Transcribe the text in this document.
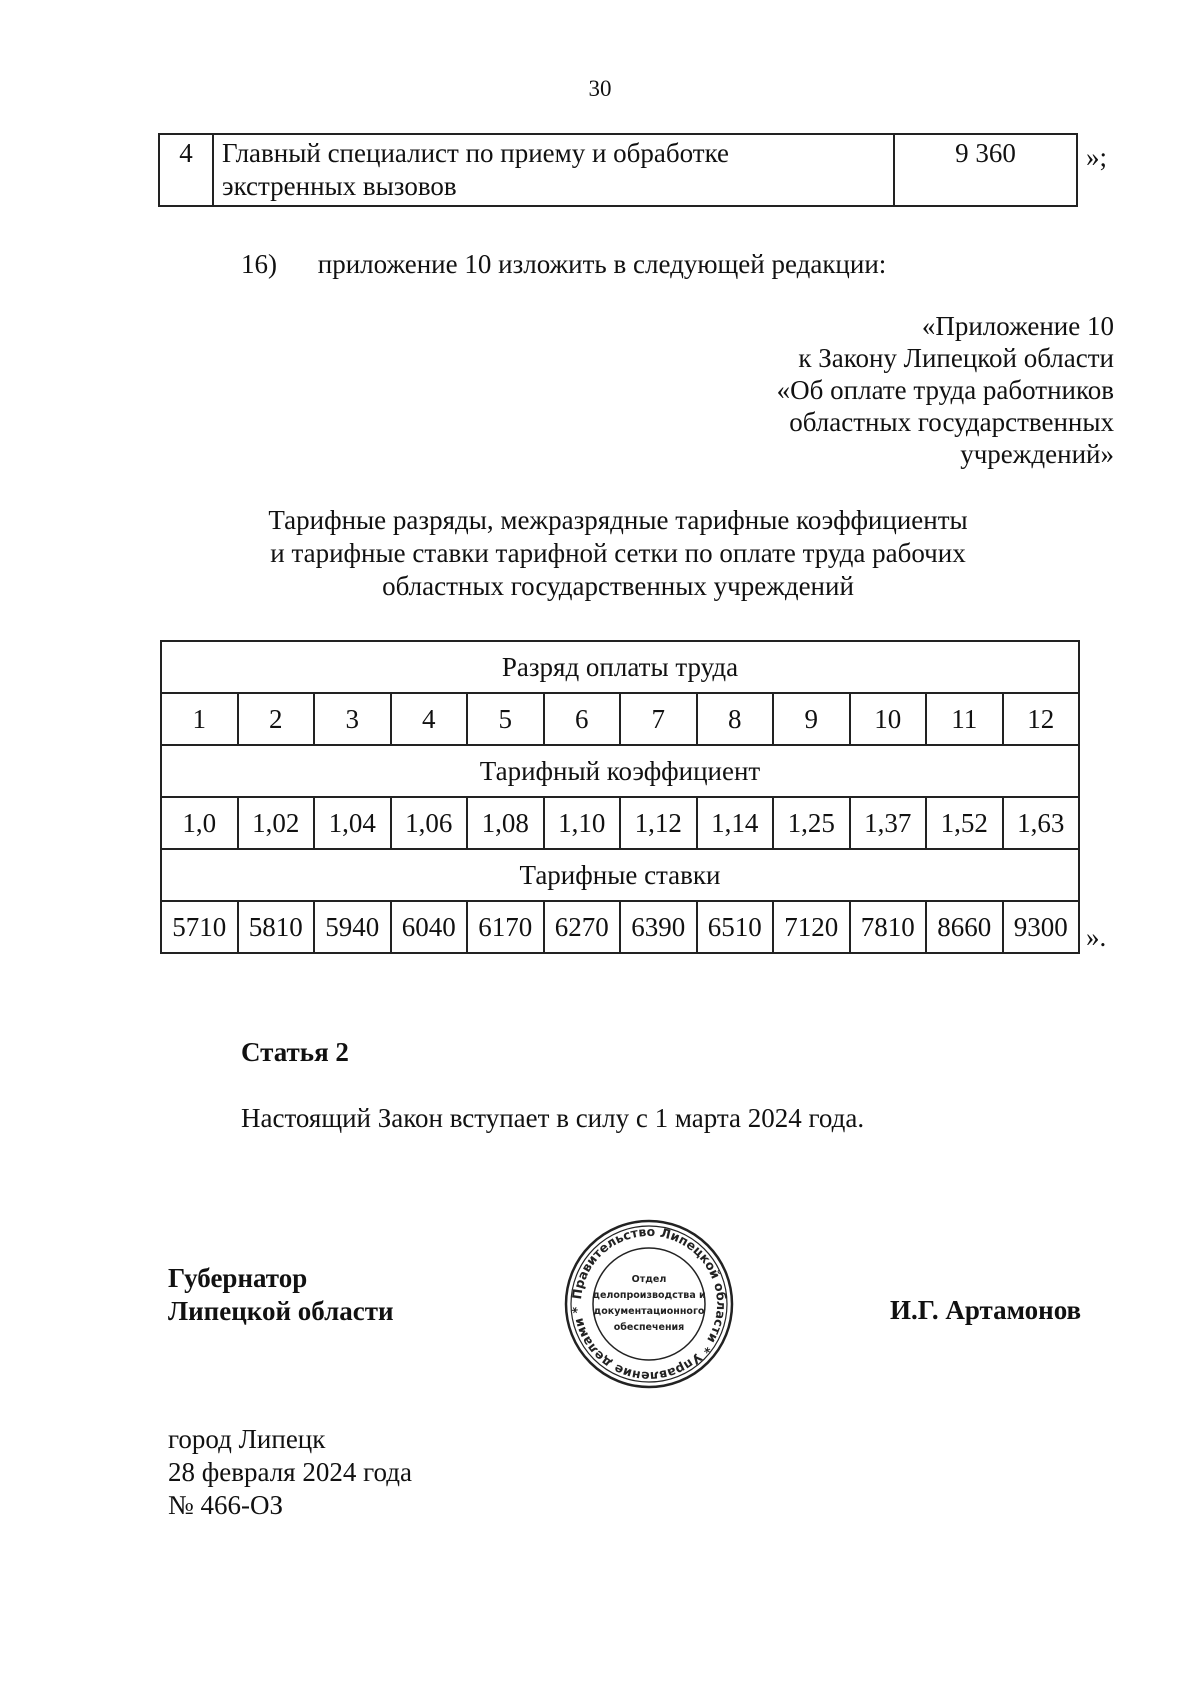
30
4	Главный специалист по приему и обработке
экстренных вызовов
	9 360	»;
16) приложение 10 изложить в следующей редакции:
«Приложение 10
к Закону Липецкой области
«Об оплате труда работников
областных государственных
учреждений»
Тарифные разряды, межразрядные тарифные коэффициенты
и тарифные ставки тарифной сетки по оплате труда рабочих
областных государственных учреждений
Разряд оплаты труда											
1	2	3	4	5	6	7	8	9	10	11	12
Тарифный коэффициент											
1,0	1,02	1,04	1,06	1,08	1,10	1,12	1,14	1,25	1,37	1,52	1,63
Тарифные ставки											
5710	5810	5940	6040	6170	6270	6390	6510	7120	7810	8660	9300 ».
Статья 2
Настоящий Закон вступает в силу с 1 марта 2024 года.
Губернатор
Липецкой области
Правительство Липецкой области * Управление делами *
Отдел
делопроизводства и
документационного
обеспечения
И.Г. Артамонов
город Липецк
28 февраля 2024 года
№ 466-ОЗ
